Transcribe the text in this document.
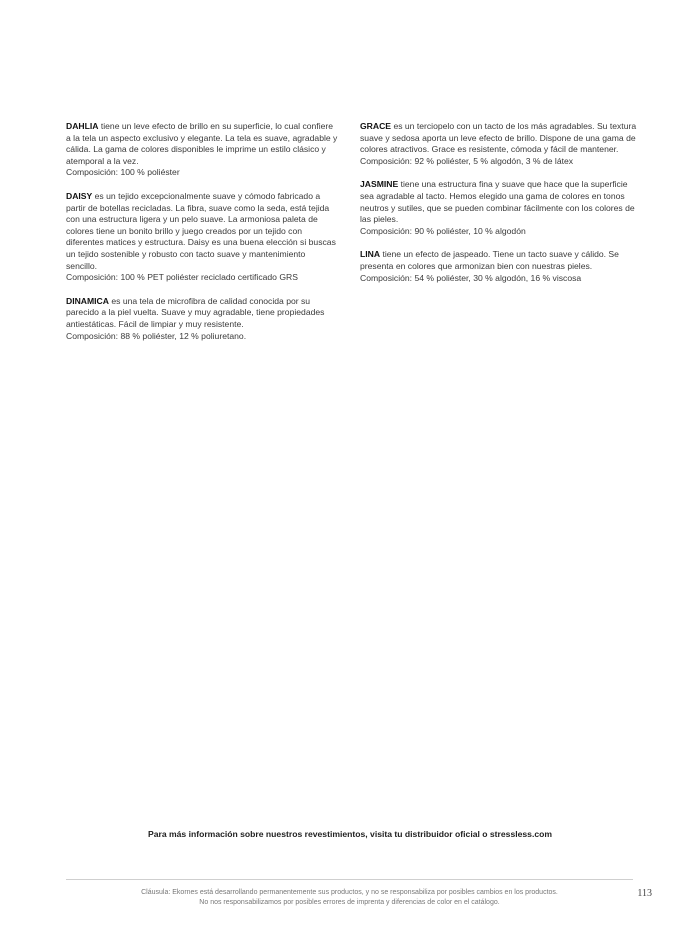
DAHLIA tiene un leve efecto de brillo en su superficie, lo cual confiere a la tela un aspecto exclusivo y elegante. La tela es suave, agradable y cálida. La gama de colores disponibles le imprime un estilo clásico y atemporal a la vez.
Composición: 100 % poliéster

DAISY es un tejido excepcionalmente suave y cómodo fabricado a partir de botellas recicladas. La fibra, suave como la seda, está tejida con una estructura ligera y un pelo suave. La armoniosa paleta de colores tiene un bonito brillo y juego creados por un tejido con diferentes matices y estructura. Daisy es una buena elección si buscas un tejido sostenible y robusto con tacto suave y mantenimiento sencillo.
Composición: 100 % PET poliéster reciclado certificado GRS

DINAMICA es una tela de microfibra de calidad conocida por su parecido a la piel vuelta. Suave y muy agradable, tiene propiedades antiestáticas. Fácil de limpiar y muy resistente.
Composición: 88 % poliéster, 12 % poliuretano.

GRACE es un terciopelo con un tacto de los más agradables. Su textura suave y sedosa aporta un leve efecto de brillo. Dispone de una gama de colores atractivos. Grace es resistente, cómoda y fácil de mantener.
Composición: 92 % poliéster, 5 % algodón, 3 % de látex

JASMINE tiene una estructura fina y suave que hace que la superficie sea agradable al tacto. Hemos elegido una gama de colores en tonos neutros y sutiles, que se pueden combinar fácilmente con los colores de las pieles.
Composición: 90 % poliéster, 10 % algodón

LINA tiene un efecto de jaspeado. Tiene un tacto suave y cálido. Se presenta en colores que armonizan bien con nuestras pieles.
Composición: 54 % poliéster, 30 % algodón, 16 % viscosa

Para más información sobre nuestros revestimientos, visita tu distribuidor oficial o stressless.com
Cláusula: Ekornes está desarrollando permanentemente sus productos, y no se responsabiliza por posibles cambios en los productos.
No nos responsabilizamos por posibles errores de imprenta y diferencias de color en el catálogo.
113
